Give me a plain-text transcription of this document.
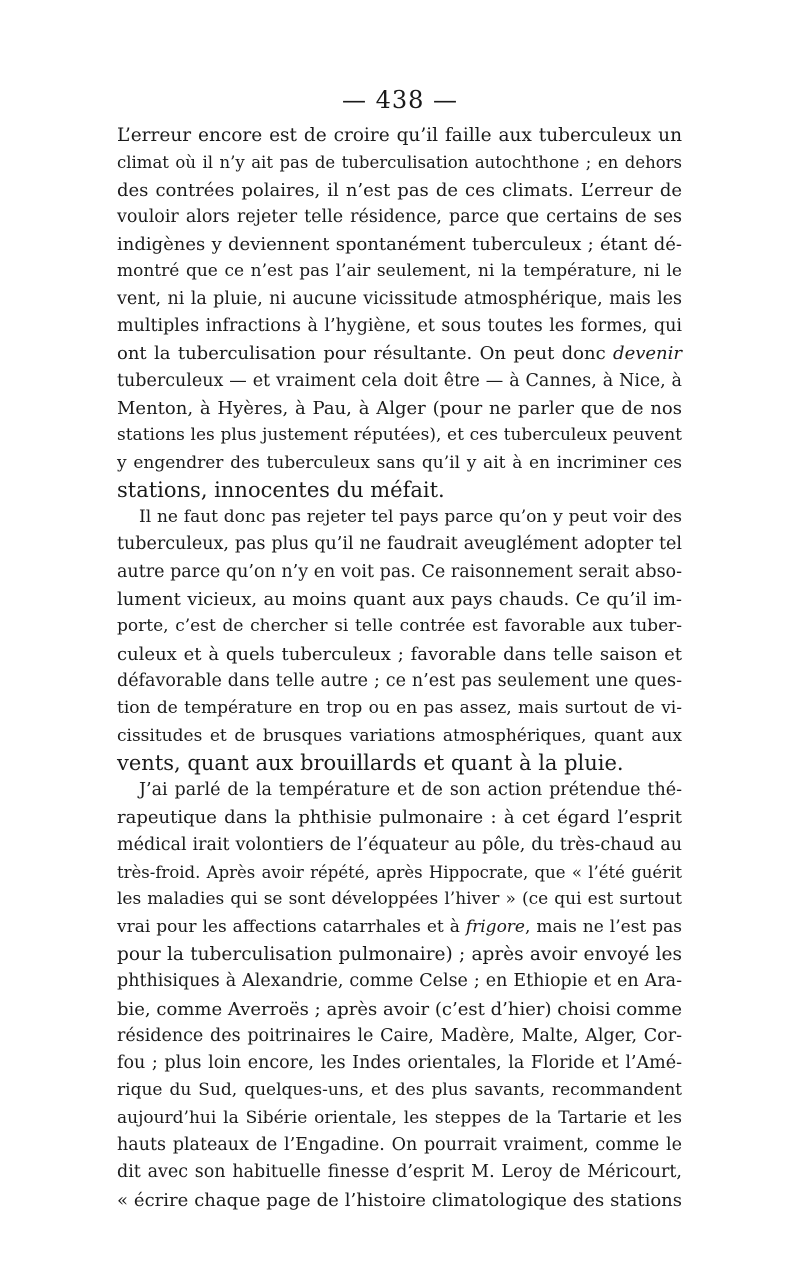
— 438 —
L’erreur encore est de croire qu’il faille aux tuberculeux un
climat où il n’y ait pas de tuberculisation autochthone ; en dehors
des contrées polaires, il n’est pas de ces climats. L’erreur de
vouloir alors rejeter telle résidence, parce que certains de ses
indigènes y deviennent spontanément tuberculeux ; étant dé-
montré que ce n’est pas l’air seulement, ni la température, ni le
vent, ni la pluie, ni aucune vicissitude atmosphérique, mais les
multiples infractions à l’hygiène, et sous toutes les formes, qui
ont la tuberculisation pour résultante. On peut donc devenir
tuberculeux — et vraiment cela doit être — à Cannes, à Nice, à
Menton, à Hyères, à Pau, à Alger (pour ne parler que de nos
stations les plus justement réputées), et ces tuberculeux peuvent
y engendrer des tuberculeux sans qu’il y ait à en incriminer ces
stations, innocentes du méfait.
Il ne faut donc pas rejeter tel pays parce qu’on y peut voir des
tuberculeux, pas plus qu’il ne faudrait aveuglément adopter tel
autre parce qu’on n’y en voit pas. Ce raisonnement serait abso-
lument vicieux, au moins quant aux pays chauds. Ce qu’il im-
porte, c’est de chercher si telle contrée est favorable aux tuber-
culeux et à quels tuberculeux ; favorable dans telle saison et
défavorable dans telle autre ; ce n’est pas seulement une ques-
tion de température en trop ou en pas assez, mais surtout de vi-
cissitudes et de brusques variations atmosphériques, quant aux
vents, quant aux brouillards et quant à la pluie.
J’ai parlé de la température et de son action prétendue thé-
rapeutique dans la phthisie pulmonaire : à cet égard l’esprit
médical irait volontiers de l’équateur au pôle, du très-chaud au
très-froid. Après avoir répété, après Hippocrate, que « l’été guérit
les maladies qui se sont développées l’hiver » (ce qui est surtout
vrai pour les affections catarrhales et à frigore, mais ne l’est pas
pour la tuberculisation pulmonaire) ; après avoir envoyé les
phthisiques à Alexandrie, comme Celse ; en Ethiopie et en Ara-
bie, comme Averroës ; après avoir (c’est d’hier) choisi comme
résidence des poitrinaires le Caire, Madère, Malte, Alger, Cor-
fou ; plus loin encore, les Indes orientales, la Floride et l’Amé-
rique du Sud, quelques-uns, et des plus savants, recommandent
aujourd’hui la Sibérie orientale, les steppes de la Tartarie et les
hauts plateaux de l’Engadine. On pourrait vraiment, comme le
dit avec son habituelle finesse d’esprit M. Leroy de Méricourt,
« écrire chaque page de l’histoire climatologique des stations
